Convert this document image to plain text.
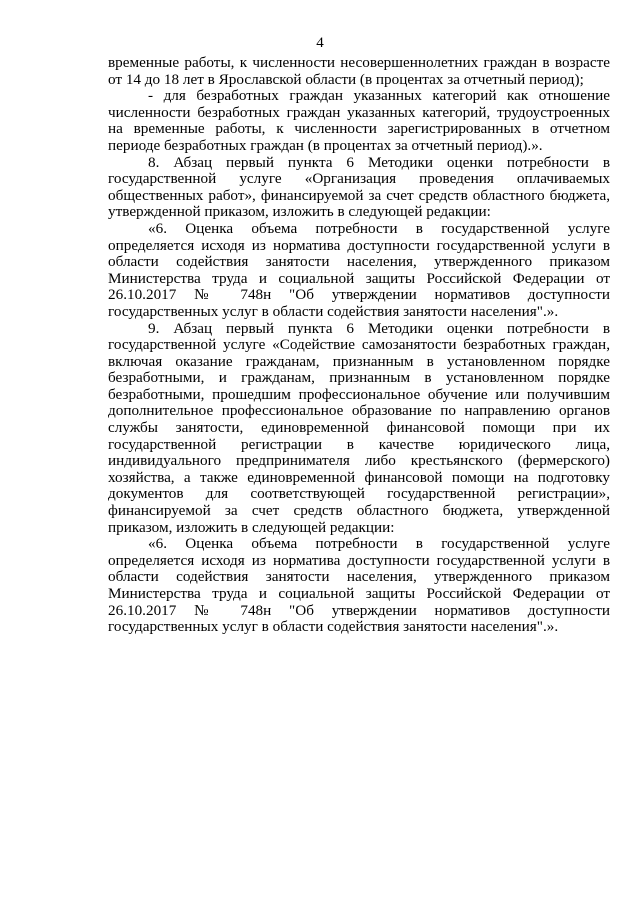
4

временные работы, к численности несовершеннолетних граждан в возрасте от 14 до 18 лет в Ярославской области (в процентах за отчетный период);

- для безработных граждан указанных категорий как отношение численности безработных граждан указанных категорий, трудоустроенных на временные работы, к численности зарегистрированных в отчетном периоде безработных граждан (в процентах за отчетный период).».

8. Абзац первый пункта 6 Методики оценки потребности в государственной услуге «Организация проведения оплачиваемых общественных работ», финансируемой за счет средств областного бюджета, утвержденной приказом, изложить в следующей редакции:

«6. Оценка объема потребности в государственной услуге определяется исходя из норматива доступности государственной услуги в области содействия занятости населения, утвержденного приказом Министерства труда и социальной защиты Российской Федерации от 26.10.2017 № 748н "Об утверждении нормативов доступности государственных услуг в области содействия занятости населения".».

9. Абзац первый пункта 6 Методики оценки потребности в государственной услуге «Содействие самозанятости безработных граждан, включая оказание гражданам, признанным в установленном порядке безработными, и гражданам, признанным в установленном порядке безработными, прошедшим профессиональное обучение или получившим дополнительное профессиональное образование по направлению органов службы занятости, единовременной финансовой помощи при их государственной регистрации в качестве юридического лица, индивидуального предпринимателя либо крестьянского (фермерского) хозяйства, а также единовременной финансовой помощи на подготовку документов для соответствующей государственной регистрации», финансируемой за счет средств областного бюджета, утвержденной приказом, изложить в следующей редакции:

«6. Оценка объема потребности в государственной услуге определяется исходя из норматива доступности государственной услуги в области содействия занятости населения, утвержденного приказом Министерства труда и социальной защиты Российской Федерации от 26.10.2017 № 748н "Об утверждении нормативов доступности государственных услуг в области содействия занятости населения".».
